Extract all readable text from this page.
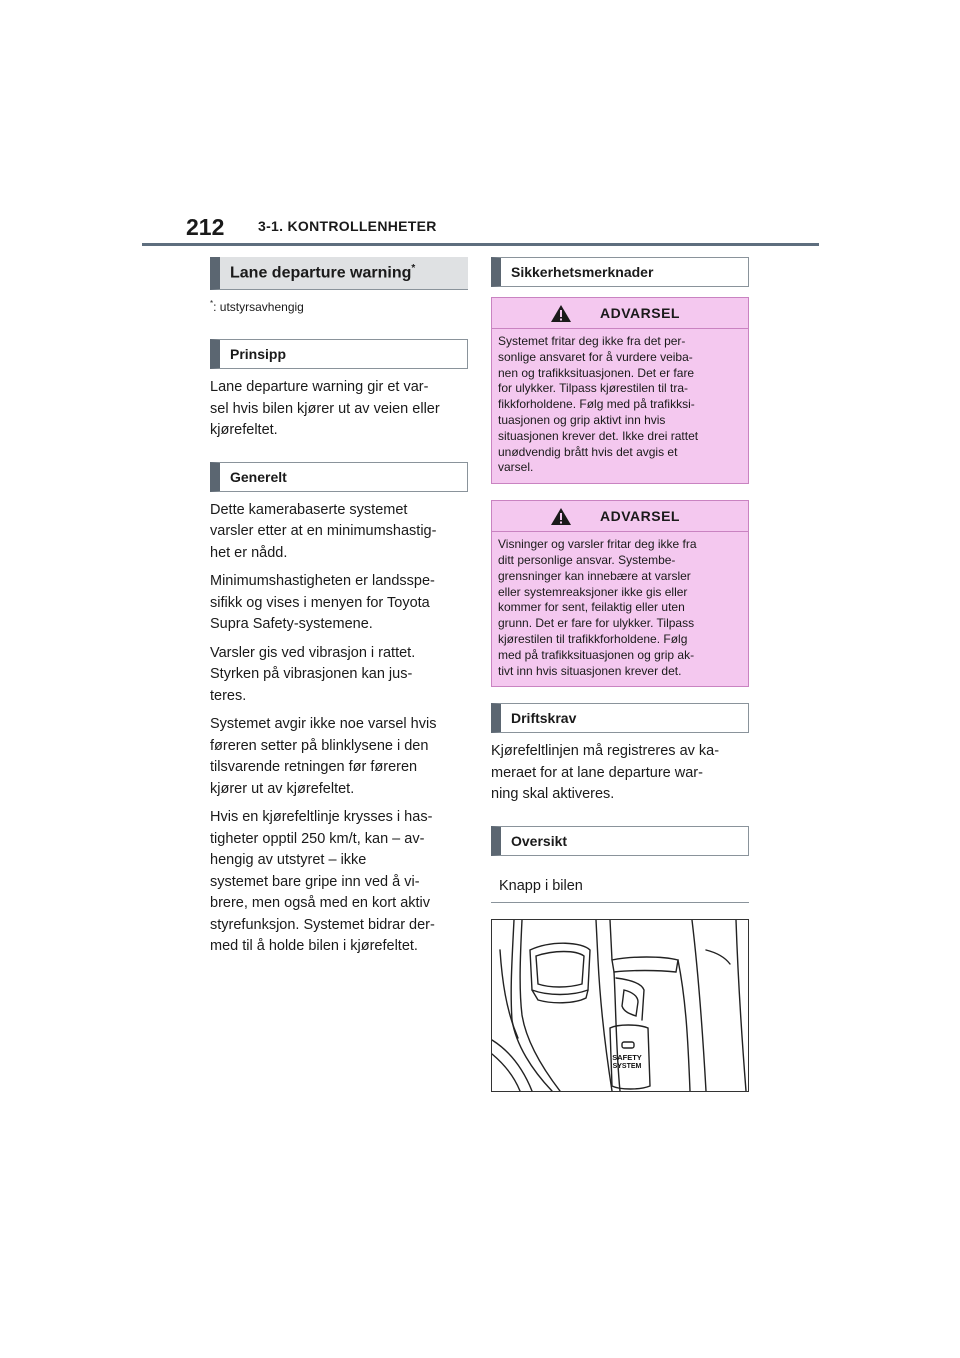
212 3-1. KONTROLLENHETER
Lane departure warning*
*: utstyrsavhengig
Prinsipp
Lane departure warning gir et var-
sel hvis bilen kjører ut av veien eller
kjørefeltet.
Generelt
Dette kamerabaserte systemet
varsler etter at en minimumshastig-
het er nådd.
Minimumshastigheten er landsspe-
sifikk og vises i menyen for Toyota
Supra Safety-systemene.
Varsler gis ved vibrasjon i rattet.
Styrken på vibrasjonen kan jus-
teres.
Systemet avgir ikke noe varsel hvis
føreren setter på blinklysene i den
tilsvarende retningen før føreren
kjører ut av kjørefeltet.
Hvis en kjørefeltlinje krysses i has-
tigheter opptil 250 km/t, kan – av-
hengig av utstyret – ikke
systemet bare gripe inn ved å vi-
brere, men også med en kort aktiv
styrefunksjon. Systemet bidrar der-
med til å holde bilen i kjørefeltet.
Sikkerhetsmerknader
ADVARSEL
Systemet fritar deg ikke fra det per-
sonlige ansvaret for å vurdere veiba-
nen og trafikksituasjonen. Det er fare
for ulykker. Tilpass kjørestilen til tra-
fikkforholdene. Følg med på trafikksi-
tuasjonen og grip aktivt inn hvis
situasjonen krever det. Ikke drei rattet
unødvendig brått hvis det avgis et
varsel.
ADVARSEL
Visninger og varsler fritar deg ikke fra
ditt personlige ansvar. Systembe-
grensninger kan innebære at varsler
eller systemreaksjoner ikke gis eller
kommer for sent, feilaktig eller uten
grunn. Det er fare for ulykker. Tilpass
kjørestilen til trafikkforholdene. Følg
med på trafikksituasjonen og grip ak-
tivt inn hvis situasjonen krever det.
Driftskrav
Kjørefeltlinjen må registreres av ka-
meraet for at lane departure war-
ning skal aktiveres.
Oversikt
Knapp i bilen
SAFETY
SYSTEM
